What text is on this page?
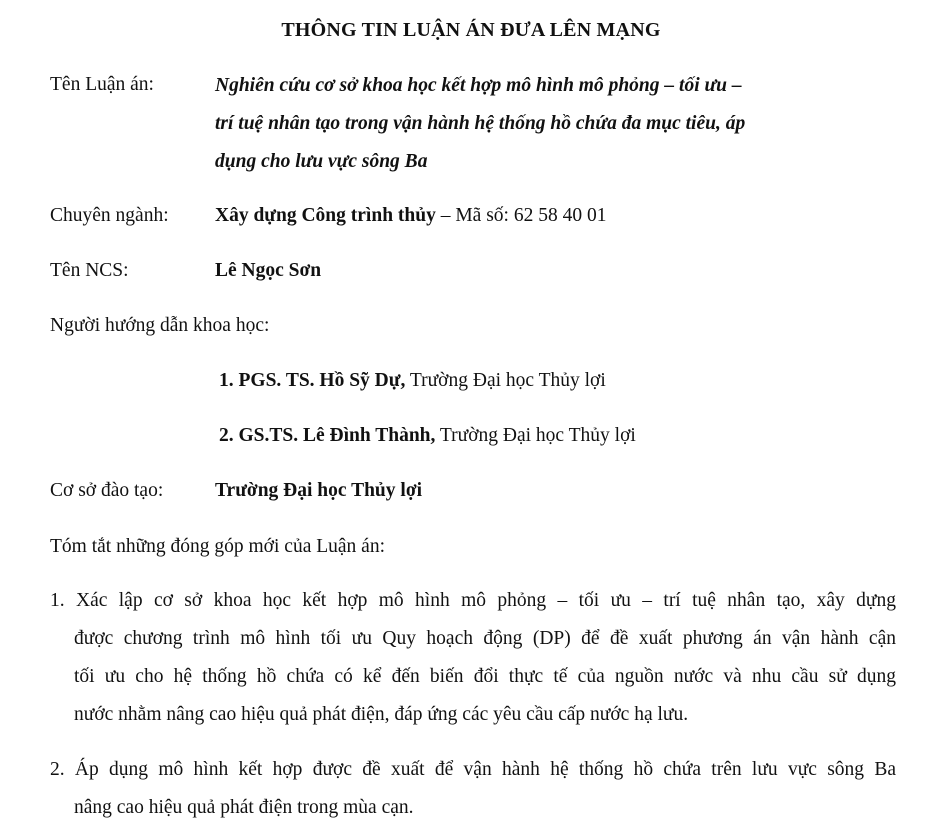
THÔNG TIN LUẬN ÁN ĐƯA LÊN MẠNG
Tên Luận án:	Nghiên cứu cơ sở khoa học kết hợp mô hình mô phỏng – tối ưu –
trí tuệ nhân tạo trong vận hành hệ thống hồ chứa đa mục tiêu, áp
dụng cho lưu vực sông Ba
Chuyên ngành: Xây dựng Công trình thủy – Mã số: 62 58 40 01
Tên NCS:	Lê Ngọc Sơn
Người hướng dẫn khoa học:
1. PGS. TS. Hồ Sỹ Dự, Trường Đại học Thủy lợi
2. GS.TS. Lê Đình Thành, Trường Đại học Thủy lợi
Cơ sở đào tạo:	Trường Đại học Thủy lợi
Tóm tắt những đóng góp mới của Luận án:
1. Xác lập cơ sở khoa học kết hợp mô hình mô phỏng – tối ưu – trí tuệ nhân tạo, xây dựng
được chương trình mô hình tối ưu Quy hoạch động (DP) để đề xuất phương án vận hành cận
tối ưu cho hệ thống hồ chứa có kể đến biến đổi thực tế của nguồn nước và nhu cầu sử dụng
nước nhằm nâng cao hiệu quả phát điện, đáp ứng các yêu cầu cấp nước hạ lưu.
2. Áp dụng mô hình kết hợp được đề xuất để vận hành hệ thống hồ chứa trên lưu vực sông Ba
nâng cao hiệu quả phát điện trong mùa cạn.
